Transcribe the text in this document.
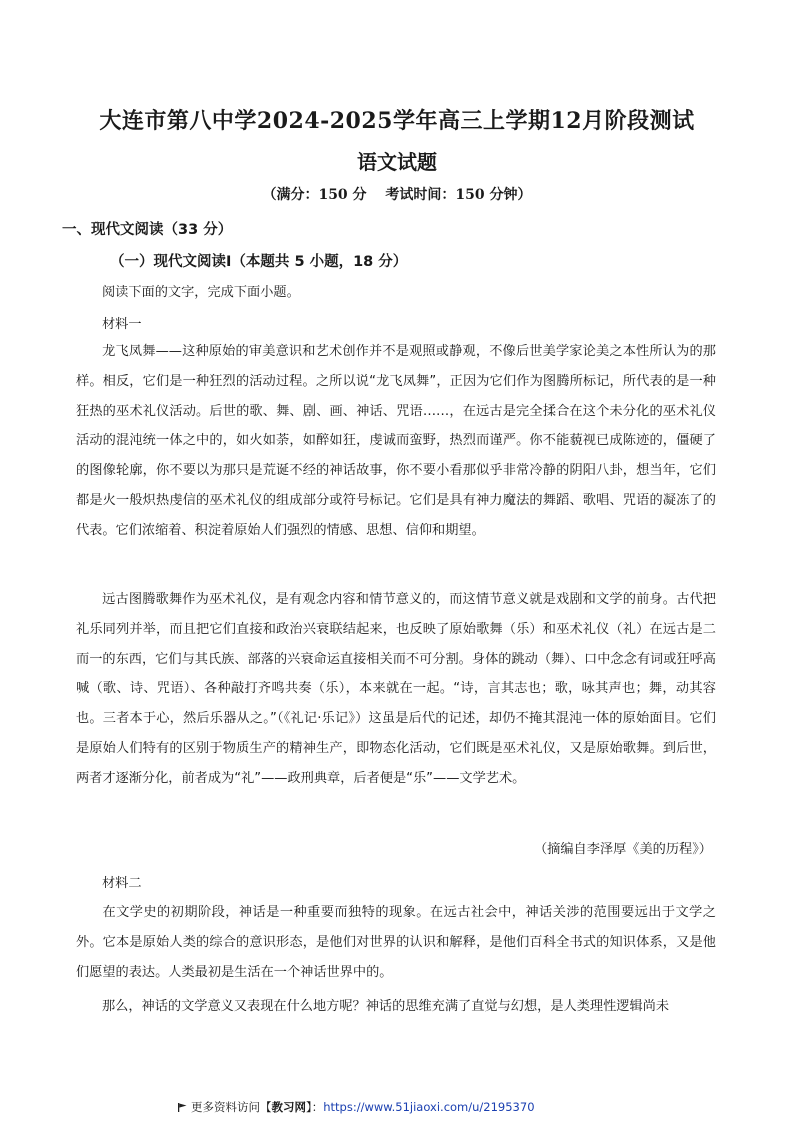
大连市第八中学2024-2025学年高三上学期12月阶段测试
语文试题
（满分：150 分　 考试时间：150 分钟）
一、现代文阅读（33 分）
（一）现代文阅读Ⅰ（本题共 5 小题，18 分）
阅读下面的文字，完成下面小题。
材料一
龙飞凤舞——这种原始的审美意识和艺术创作并不是观照或静观，不像后世美学家论美之本性所认为的那样。相反，它们是一种狂烈的活动过程。之所以说“龙飞凤舞”，正因为它们作为图腾所标记，所代表的是一种狂热的巫术礼仪活动。后世的歌、舞、剧、画、神话、咒语……，在远古是完全揉合在这个未分化的巫术礼仪活动的混沌统一体之中的，如火如荼，如醉如狂，虔诚而蛮野，热烈而谨严。你不能藐视已成陈迹的，僵硬了的图像轮廓，你不要以为那只是荒诞不经的神话故事，你不要小看那似乎非常冷静的阴阳八卦，想当年，它们都是火一般炽热虔信的巫术礼仪的组成部分或符号标记。它们是具有神力魔法的舞蹈、歌唱、咒语的凝冻了的代表。它们浓缩着、积淀着原始人们强烈的情感、思想、信仰和期望。
远古图腾歌舞作为巫术礼仪，是有观念内容和情节意义的，而这情节意义就是戏剧和文学的前身。古代把礼乐同列并举，而且把它们直接和政治兴衰联结起来，也反映了原始歌舞（乐）和巫术礼仪（礼）在远古是二而一的东西，它们与其氏族、部落的兴衰命运直接相关而不可分割。身体的跳动（舞）、口中念念有词或狂呼高喊（歌、诗、咒语）、各种敲打齐鸣共奏（乐），本来就在一起。“诗，言其志也；歌，咏其声也；舞，动其容也。三者本于心，然后乐器从之。”（《礼记·乐记》）这虽是后代的记述，却仍不掩其混沌一体的原始面目。它们是原始人们特有的区别于物质生产的精神生产，即物态化活动，它们既是巫术礼仪，又是原始歌舞。到后世，两者才逐渐分化，前者成为“礼”——政刑典章，后者便是“乐”——文学艺术。
（摘编自李泽厚《美的历程》）
材料二
在文学史的初期阶段，神话是一种重要而独特的现象。在远古社会中，神话关涉的范围要远出于文学之外。它本是原始人类的综合的意识形态，是他们对世界的认识和解释，是他们百科全书式的知识体系，又是他们愿望的表达。人类最初是生活在一个神话世界中的。
那么，神话的文学意义又表现在什么地方呢？神话的思维充满了直觉与幻想，是人类理性逻辑尚未
更多资料访问【教习网】：https://www.51jiaoxi.com/u/2195370
